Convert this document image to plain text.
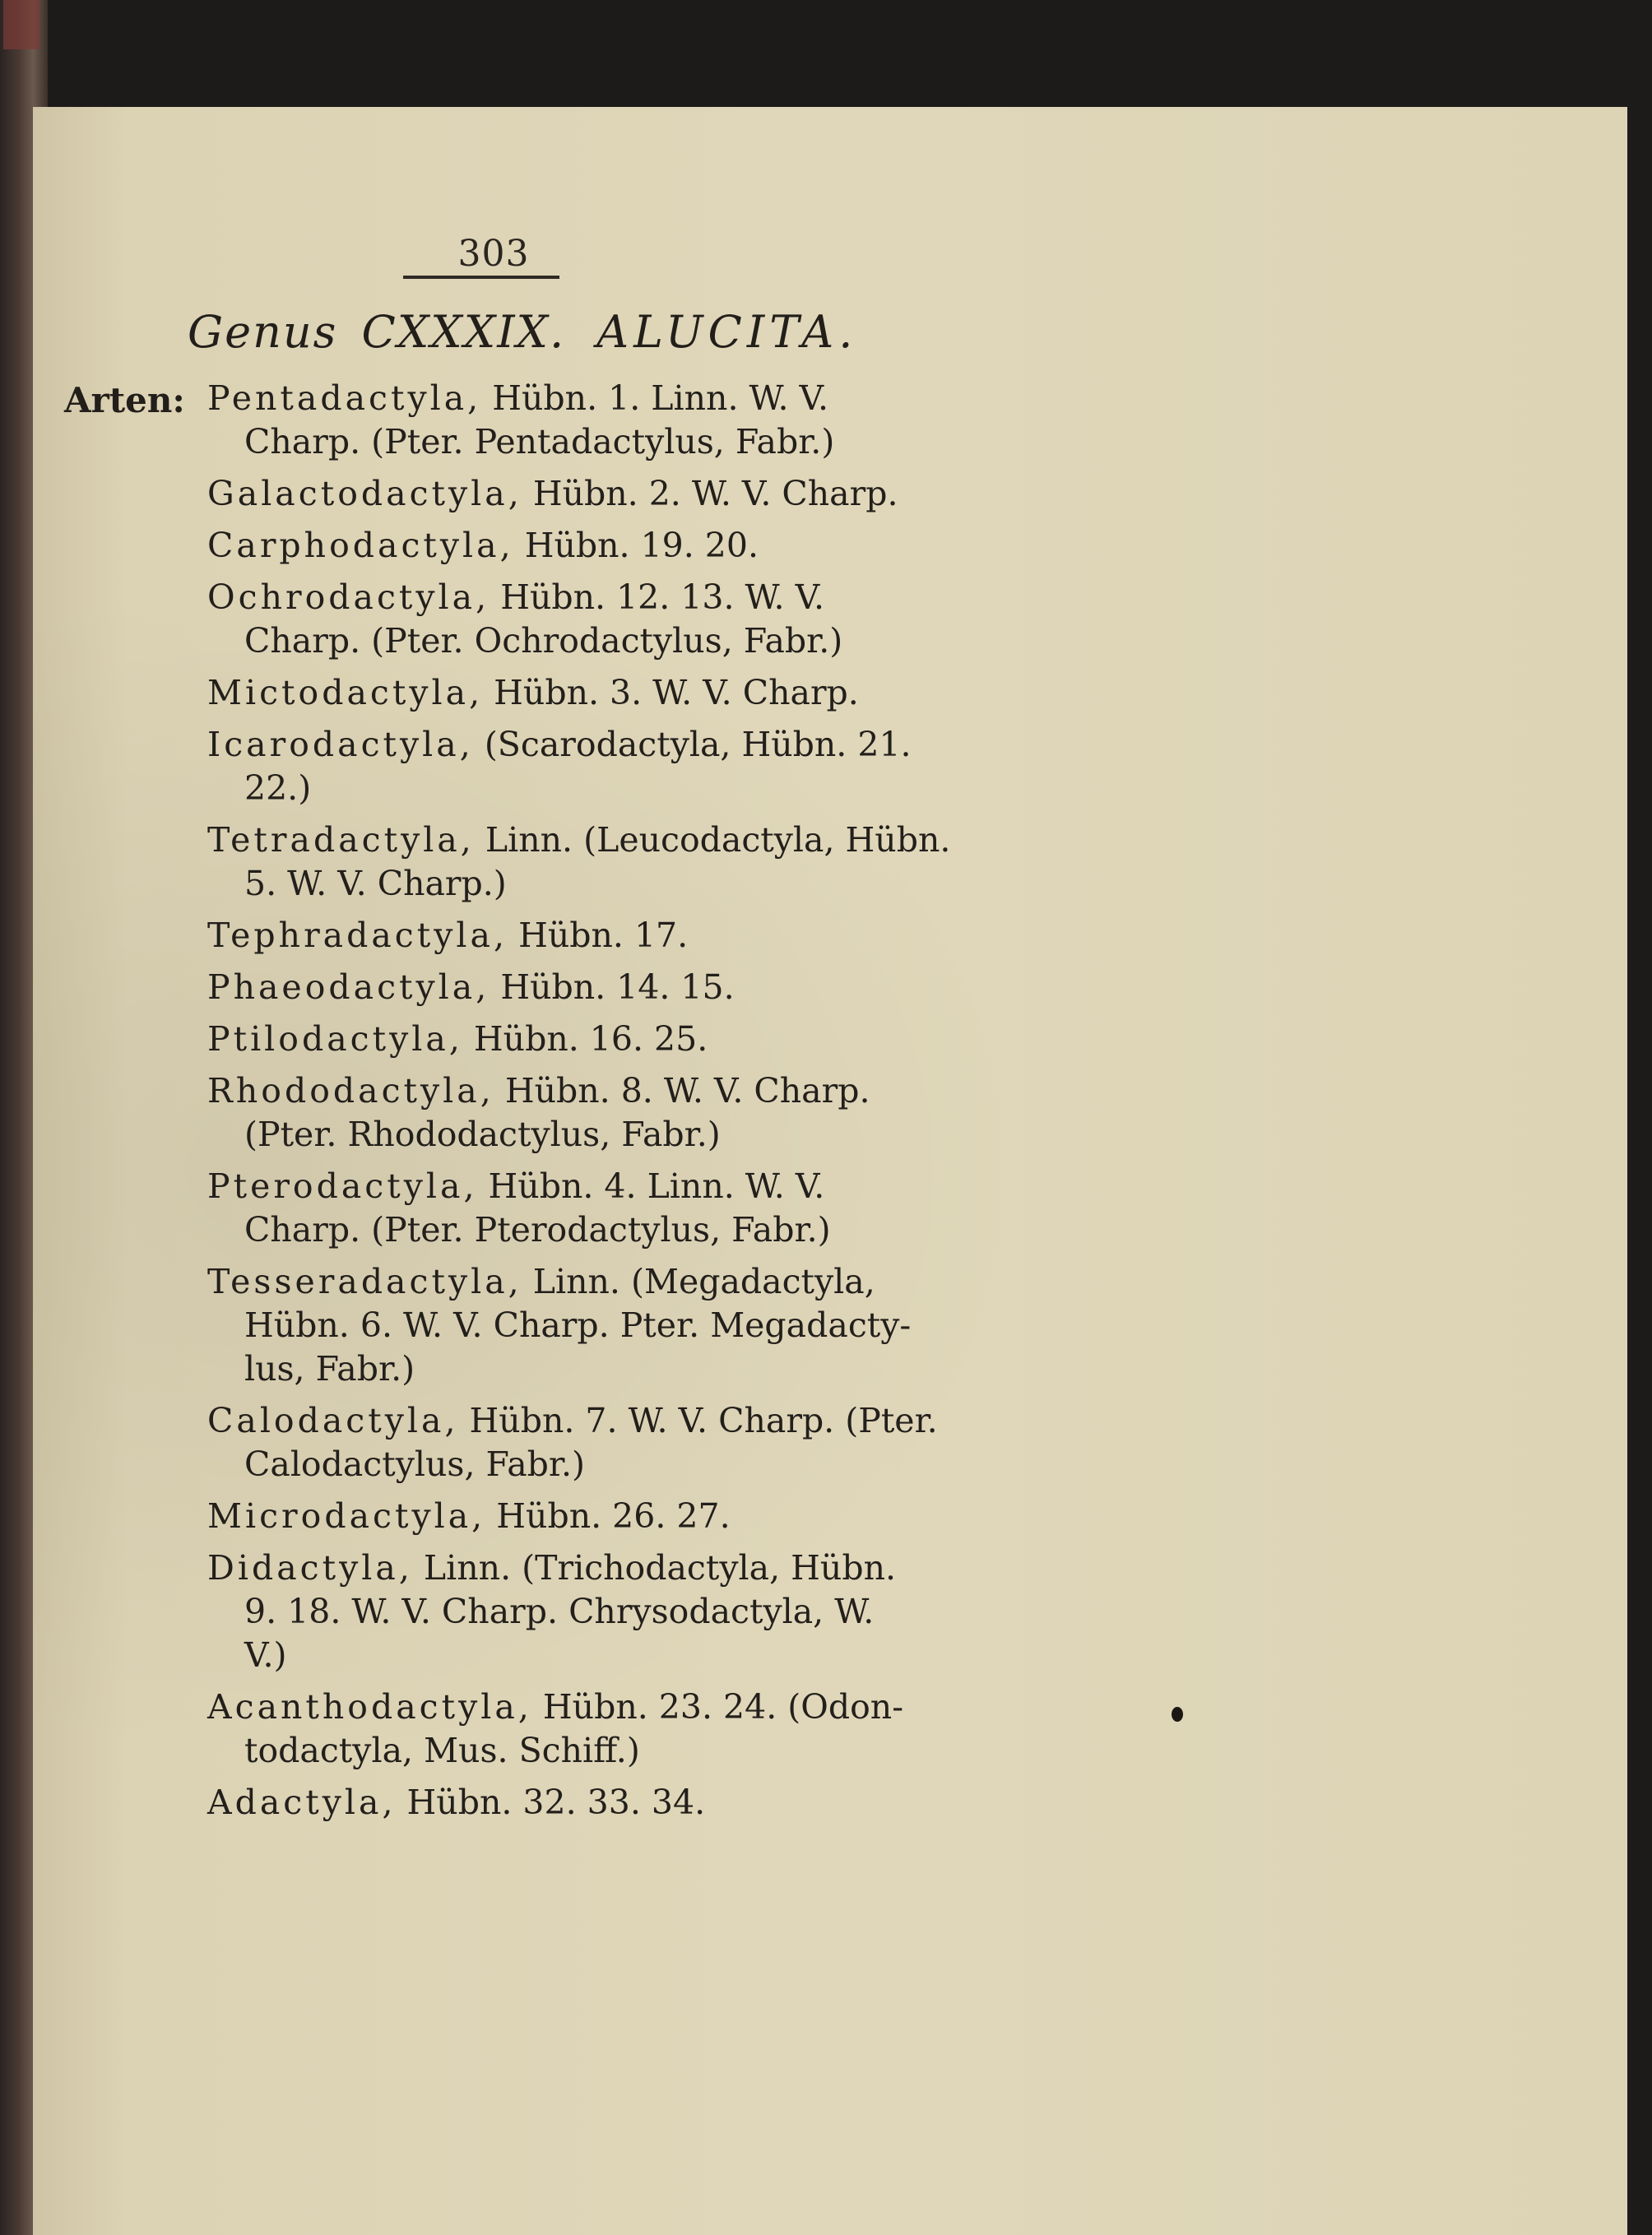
303
Genus CXXXIX. ALUCITA.
Arten: Pentadactyla, Hübn. 1. Linn. W. V.
Charp. (Pter. Pentadactylus, Fabr.)
Galactodactyla, Hübn. 2. W. V. Charp.
Carphodactyla, Hübn. 19. 20.
Ochrodactyla, Hübn. 12. 13. W. V.
Charp. (Pter. Ochrodactylus, Fabr.)
Mictodactyla, Hübn. 3. W. V. Charp.
Icarodactyla, (Scarodactyla, Hübn. 21.
22.)
Tetradactyla, Linn. (Leucodactyla, Hübn.
5. W. V. Charp.)
Tephradactyla, Hübn. 17.
Phaeodactyla, Hübn. 14. 15.
Ptilodactyla, Hübn. 16. 25.
Rhododactyla, Hübn. 8. W. V. Charp.
(Pter. Rhododactylus, Fabr.)
Pterodactyla, Hübn. 4. Linn. W. V.
Charp. (Pter. Pterodactylus, Fabr.)
Tesseradactyla, Linn. (Megadactyla,
Hübn. 6. W. V. Charp. Pter. Megadacty-
lus, Fabr.)
Calodactyla, Hübn. 7. W. V. Charp. (Pter.
Calodactylus, Fabr.)
Microdactyla, Hübn. 26. 27.
Didactyla, Linn. (Trichodactyla, Hübn.
9. 18. W. V. Charp. Chrysodactyla, W.
V.)
Acanthodactyla, Hübn. 23. 24. (Odon-
todactyla, Mus. Schiff.)
Adactyla, Hübn. 32. 33. 34.
